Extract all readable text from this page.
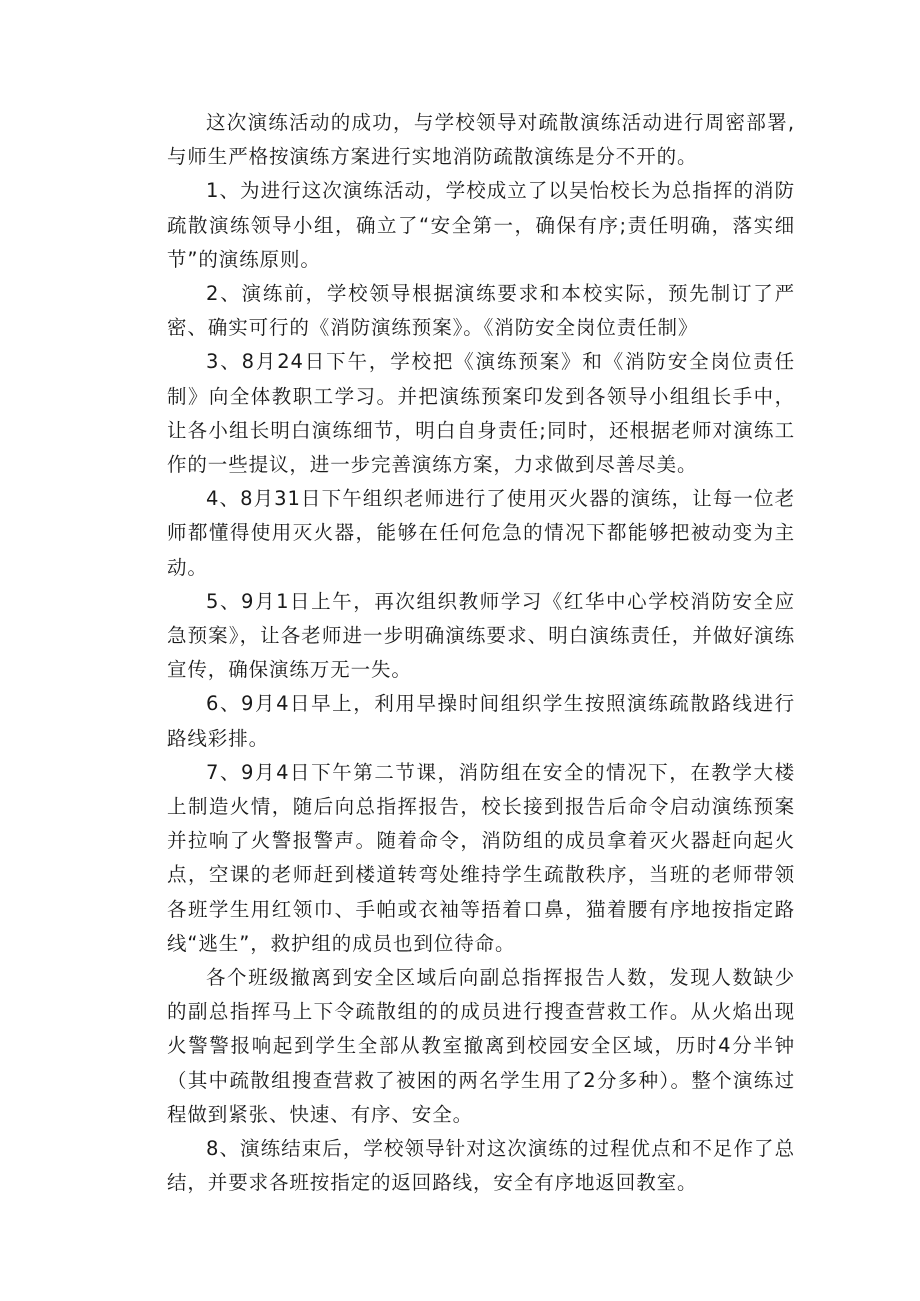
这次演练活动的成功，与学校领导对疏散演练活动进行周密部署,与师生严格按演练方案进行实地消防疏散演练是分不开的。

1、为进行这次演练活动，学校成立了以吴怡校长为总指挥的消防疏散演练领导小组，确立了“安全第一，确保有序;责任明确，落实细节”的演练原则。

2、演练前，学校领导根据演练要求和本校实际，预先制订了严密、确实可行的《消防演练预案》。《消防安全岗位责任制》

3、8月24日下午，学校把《演练预案》和《消防安全岗位责任制》向全体教职工学习。并把演练预案印发到各领导小组组长手中，让各小组长明白演练细节，明白自身责任;同时，还根据老师对演练工作的一些提议，进一步完善演练方案，力求做到尽善尽美。

4、8月31日下午组织老师进行了使用灭火器的演练，让每一位老师都懂得使用灭火器，能够在任何危急的情况下都能够把被动变为主动。

5、9月1日上午，再次组织教师学习《红华中心学校消防安全应急预案》，让各老师进一步明确演练要求、明白演练责任，并做好演练宣传，确保演练万无一失。

6、9月4日早上，利用早操时间组织学生按照演练疏散路线进行路线彩排。

7、9月4日下午第二节课，消防组在安全的情况下，在教学大楼上制造火情，随后向总指挥报告，校长接到报告后命令启动演练预案并拉响了火警报警声。随着命令，消防组的成员拿着灭火器赶向起火点，空课的老师赶到楼道转弯处维持学生疏散秩序，当班的老师带领各班学生用红领巾、手帕或衣袖等捂着口鼻，猫着腰有序地按指定路线“逃生”，救护组的成员也到位待命。

各个班级撤离到安全区域后向副总指挥报告人数，发现人数缺少的副总指挥马上下令疏散组的的成员进行搜查营救工作。从火焰出现火警警报响起到学生全部从教室撤离到校园安全区域，历时4分半钟（其中疏散组搜查营救了被困的两名学生用了2分多种）。整个演练过程做到紧张、快速、有序、安全。

8、演练结束后，学校领导针对这次演练的过程优点和不足作了总结，并要求各班按指定的返回路线，安全有序地返回教室。
